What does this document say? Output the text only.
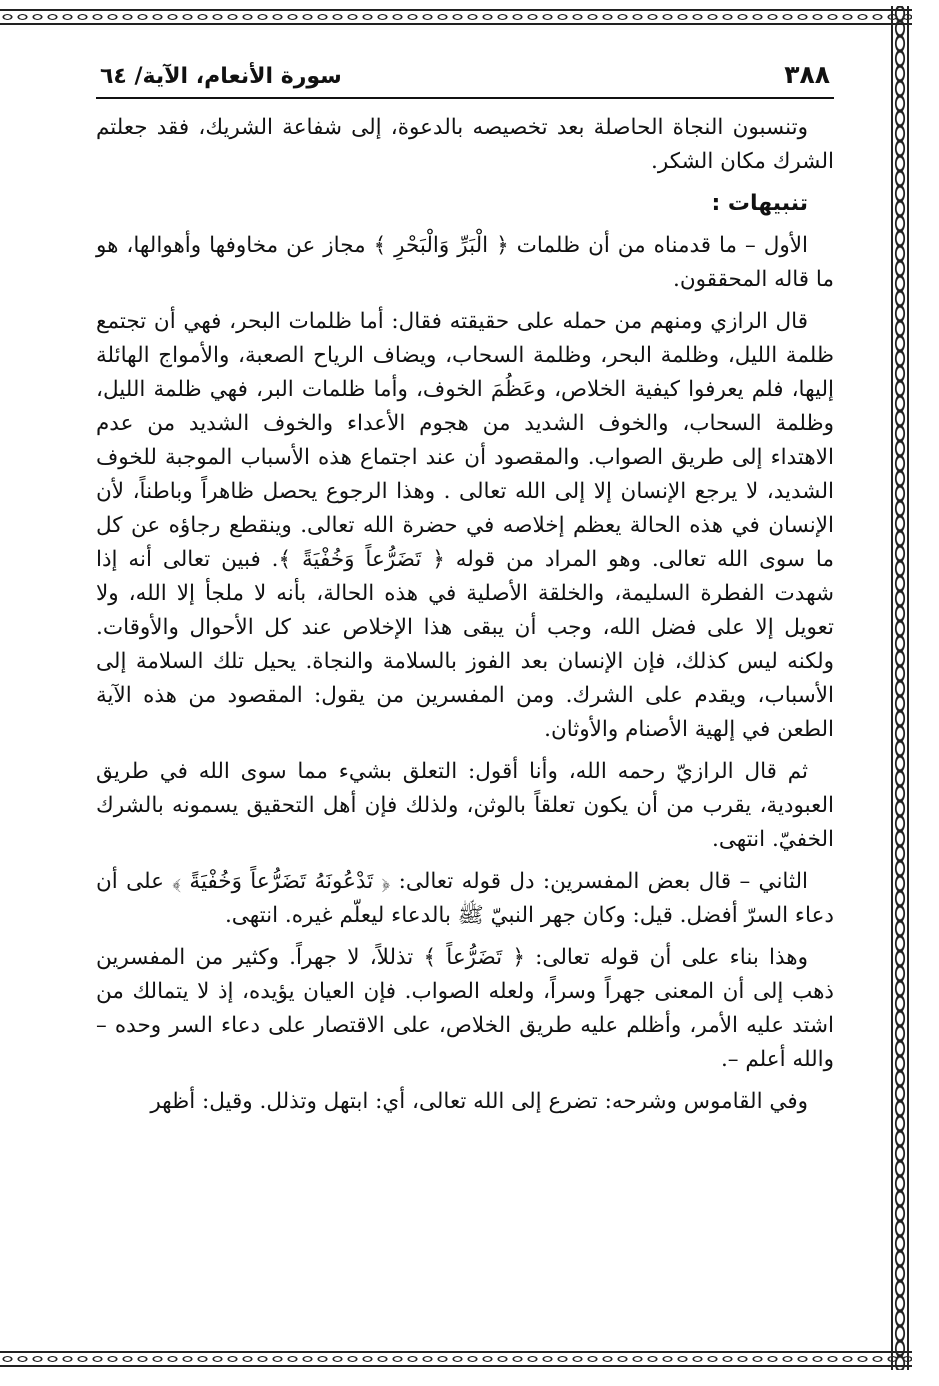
٣٨٨
سورة الأنعام، الآية/ ٦٤

وتنسبون النجاة الحاصلة بعد تخصيصه بالدعوة، إلى شفاعة الشريك، فقد جعلتم الشرك مكان الشكر.

تنبيهات :

الأول – ما قدمناه من أن ظلمات ﴿ الْبَرِّ وَالْبَحْرِ ﴾ مجاز عن مخاوفها وأهوالها، هو ما قاله المحققون.

قال الرازي ومنهم من حمله على حقيقته فقال: أما ظلمات البحر، فهي أن تجتمع ظلمة الليل، وظلمة البحر، وظلمة السحاب، ويضاف الرياح الصعبة، والأمواج الهائلة إليها، فلم يعرفوا كيفية الخلاص، وعَظُمَ الخوف، وأما ظلمات البر، فهي ظلمة الليل، وظلمة السحاب، والخوف الشديد من هجوم الأعداء والخوف الشديد من عدم الاهتداء إلى طريق الصواب. والمقصود أن عند اجتماع هذه الأسباب الموجبة للخوف الشديد، لا يرجع الإنسان إلا إلى الله تعالى . وهذا الرجوع يحصل ظاهراً وباطناً، لأن الإنسان في هذه الحالة يعظم إخلاصه في حضرة الله تعالى. وينقطع رجاؤه عن كل ما سوى الله تعالى. وهو المراد من قوله ﴿ تَضَرُّعاً وَخُفْيَةً ﴾. فبين تعالى أنه إذا شهدت الفطرة السليمة، والخلقة الأصلية في هذه الحالة، بأنه لا ملجأ إلا الله، ولا تعويل إلا على فضل الله، وجب أن يبقى هذا الإخلاص عند كل الأحوال والأوقات. ولكنه ليس كذلك، فإن الإنسان بعد الفوز بالسلامة والنجاة. يحيل تلك السلامة إلى الأسباب، ويقدم على الشرك. ومن المفسرين من يقول: المقصود من هذه الآية الطعن في إلهية الأصنام والأوثان.

ثم قال الرازيّ رحمه الله، وأنا أقول: التعلق بشيء مما سوى الله في طريق العبودية، يقرب من أن يكون تعلقاً بالوثن، ولذلك فإن أهل التحقيق يسمونه بالشرك الخفيّ. انتهى.

الثاني – قال بعض المفسرين: دل قوله تعالى: ﴿ تَدْعُونَهُ تَضَرُّعاً وَخُفْيَةً ﴾ على أن دعاء السرّ أفضل. قيل: وكان جهر النبيّ ﷺ بالدعاء ليعلّم غيره. انتهى.

وهذا بناء على أن قوله تعالى: ﴿ تَضَرُّعاً ﴾ تذللاً، لا جهراً. وكثير من المفسرين ذهب إلى أن المعنى جهراً وسراً، ولعله الصواب. فإن العيان يؤيده، إذ لا يتمالك من اشتد عليه الأمر، وأظلم عليه طريق الخلاص، على الاقتصار على دعاء السر وحده – والله أعلم –.

وفي القاموس وشرحه: تضرع إلى الله تعالى، أي: ابتهل وتذلل. وقيل: أظهر
